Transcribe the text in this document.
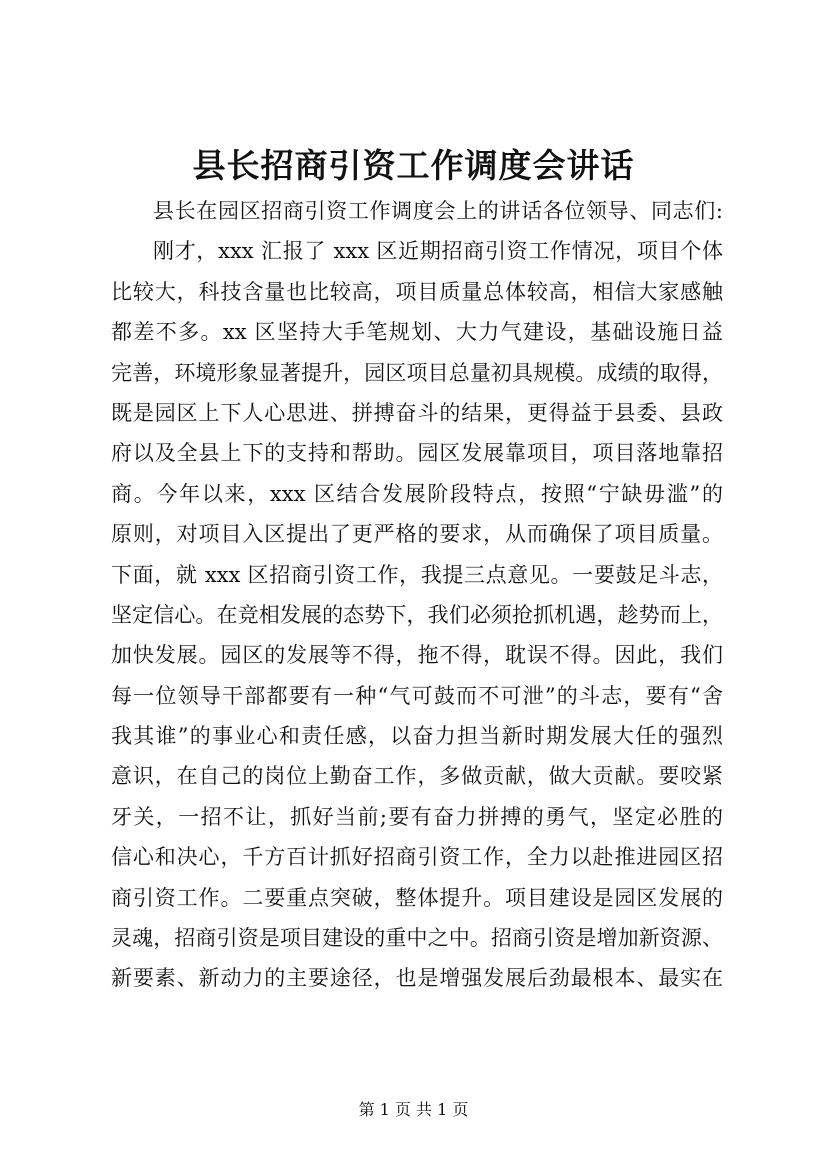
县长招商引资工作调度会讲话
县长在园区招商引资工作调度会上的讲话各位领导、同志们:
刚才，xxx 汇报了 xxx 区近期招商引资工作情况，项目个体
比较大，科技含量也比较高，项目质量总体较高，相信大家感触
都差不多。xx 区坚持大手笔规划、大力气建设，基础设施日益
完善，环境形象显著提升，园区项目总量初具规模。成绩的取得，
既是园区上下人心思进、拼搏奋斗的结果，更得益于县委、县政
府以及全县上下的支持和帮助。园区发展靠项目，项目落地靠招
商。今年以来，xxx 区结合发展阶段特点，按照“宁缺毋滥”的
原则，对项目入区提出了更严格的要求，从而确保了项目质量。
下面，就 xxx 区招商引资工作，我提三点意见。一要鼓足斗志，
坚定信心。在竞相发展的态势下，我们必须抢抓机遇，趁势而上，
加快发展。园区的发展等不得，拖不得，耽误不得。因此，我们
每一位领导干部都要有一种“气可鼓而不可泄”的斗志，要有“舍
我其谁”的事业心和责任感，以奋力担当新时期发展大任的强烈
意识，在自己的岗位上勤奋工作，多做贡献，做大贡献。要咬紧
牙关，一招不让，抓好当前;要有奋力拼搏的勇气，坚定必胜的
信心和决心，千方百计抓好招商引资工作，全力以赴推进园区招
商引资工作。二要重点突破，整体提升。项目建设是园区发展的
灵魂，招商引资是项目建设的重中之中。招商引资是增加新资源、
新要素、新动力的主要途径，也是增强发展后劲最根本、最实在
第 1 页 共 1 页
